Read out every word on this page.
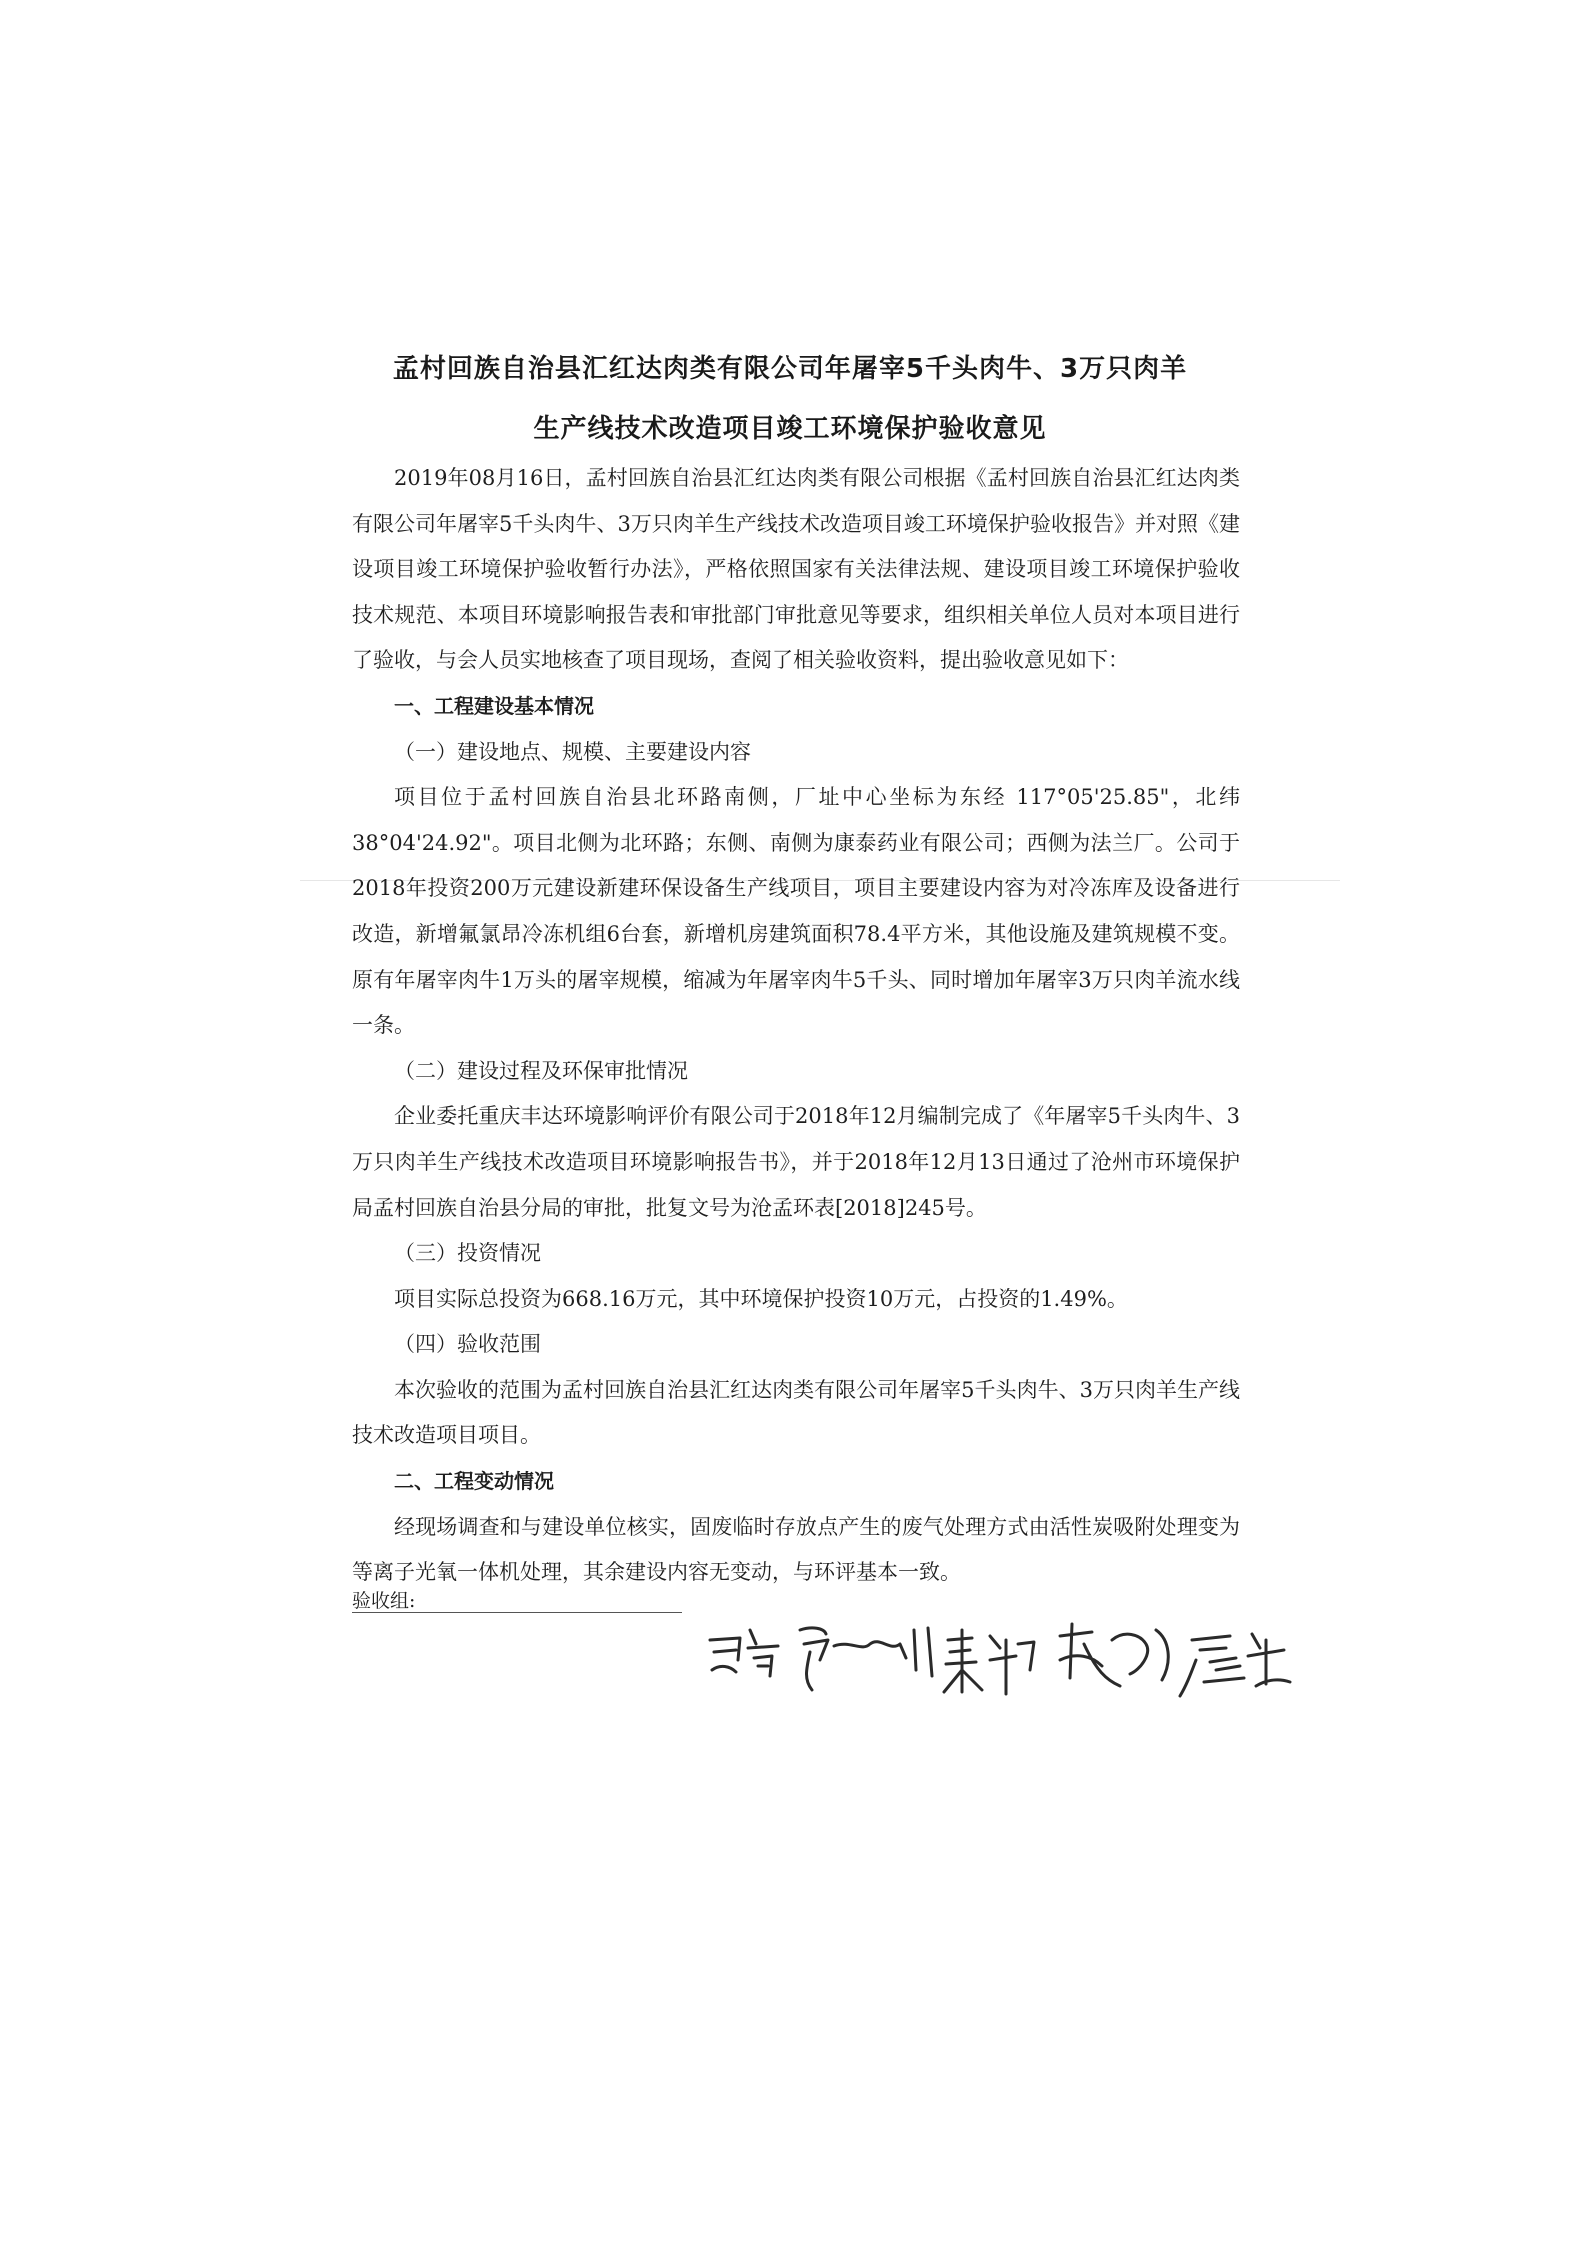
孟村回族自治县汇红达肉类有限公司年屠宰5千头肉牛、3万只肉羊
生产线技术改造项目竣工环境保护验收意见

2019年08月16日，孟村回族自治县汇红达肉类有限公司根据《孟村回族自治县汇红达肉类有限公司年屠宰5千头肉牛、3万只肉羊生产线技术改造项目竣工环境保护验收报告》并对照《建设项目竣工环境保护验收暂行办法》，严格依照国家有关法律法规、建设项目竣工环境保护验收技术规范、本项目环境影响报告表和审批部门审批意见等要求，组织相关单位人员对本项目进行了验收，与会人员实地核查了项目现场，查阅了相关验收资料，提出验收意见如下：

一、工程建设基本情况

（一）建设地点、规模、主要建设内容

项目位于孟村回族自治县北环路南侧，厂址中心坐标为东经 117°05'25.85"，北纬38°04'24.92"。项目北侧为北环路；东侧、南侧为康泰药业有限公司；西侧为法兰厂。公司于2018年投资200万元建设新建环保设备生产线项目，项目主要建设内容为对冷冻库及设备进行改造，新增氟氯昂冷冻机组6台套，新增机房建筑面积78.4平方米，其他设施及建筑规模不变。原有年屠宰肉牛1万头的屠宰规模，缩减为年屠宰肉牛5千头、同时增加年屠宰3万只肉羊流水线一条。

（二）建设过程及环保审批情况

企业委托重庆丰达环境影响评价有限公司于2018年12月编制完成了《年屠宰5千头肉牛、3万只肉羊生产线技术改造项目环境影响报告书》，并于2018年12月13日通过了沧州市环境保护局孟村回族自治县分局的审批，批复文号为沧孟环表[2018]245号。

（三）投资情况

项目实际总投资为668.16万元，其中环境保护投资10万元，占投资的1.49%。

（四）验收范围

本次验收的范围为孟村回族自治县汇红达肉类有限公司年屠宰5千头肉牛、3万只肉羊生产线技术改造项目项目。

二、工程变动情况

经现场调查和与建设单位核实，固废临时存放点产生的废气处理方式由活性炭吸附处理变为等离子光氧一体机处理，其余建设内容无变动，与环评基本一致。

验收组:
